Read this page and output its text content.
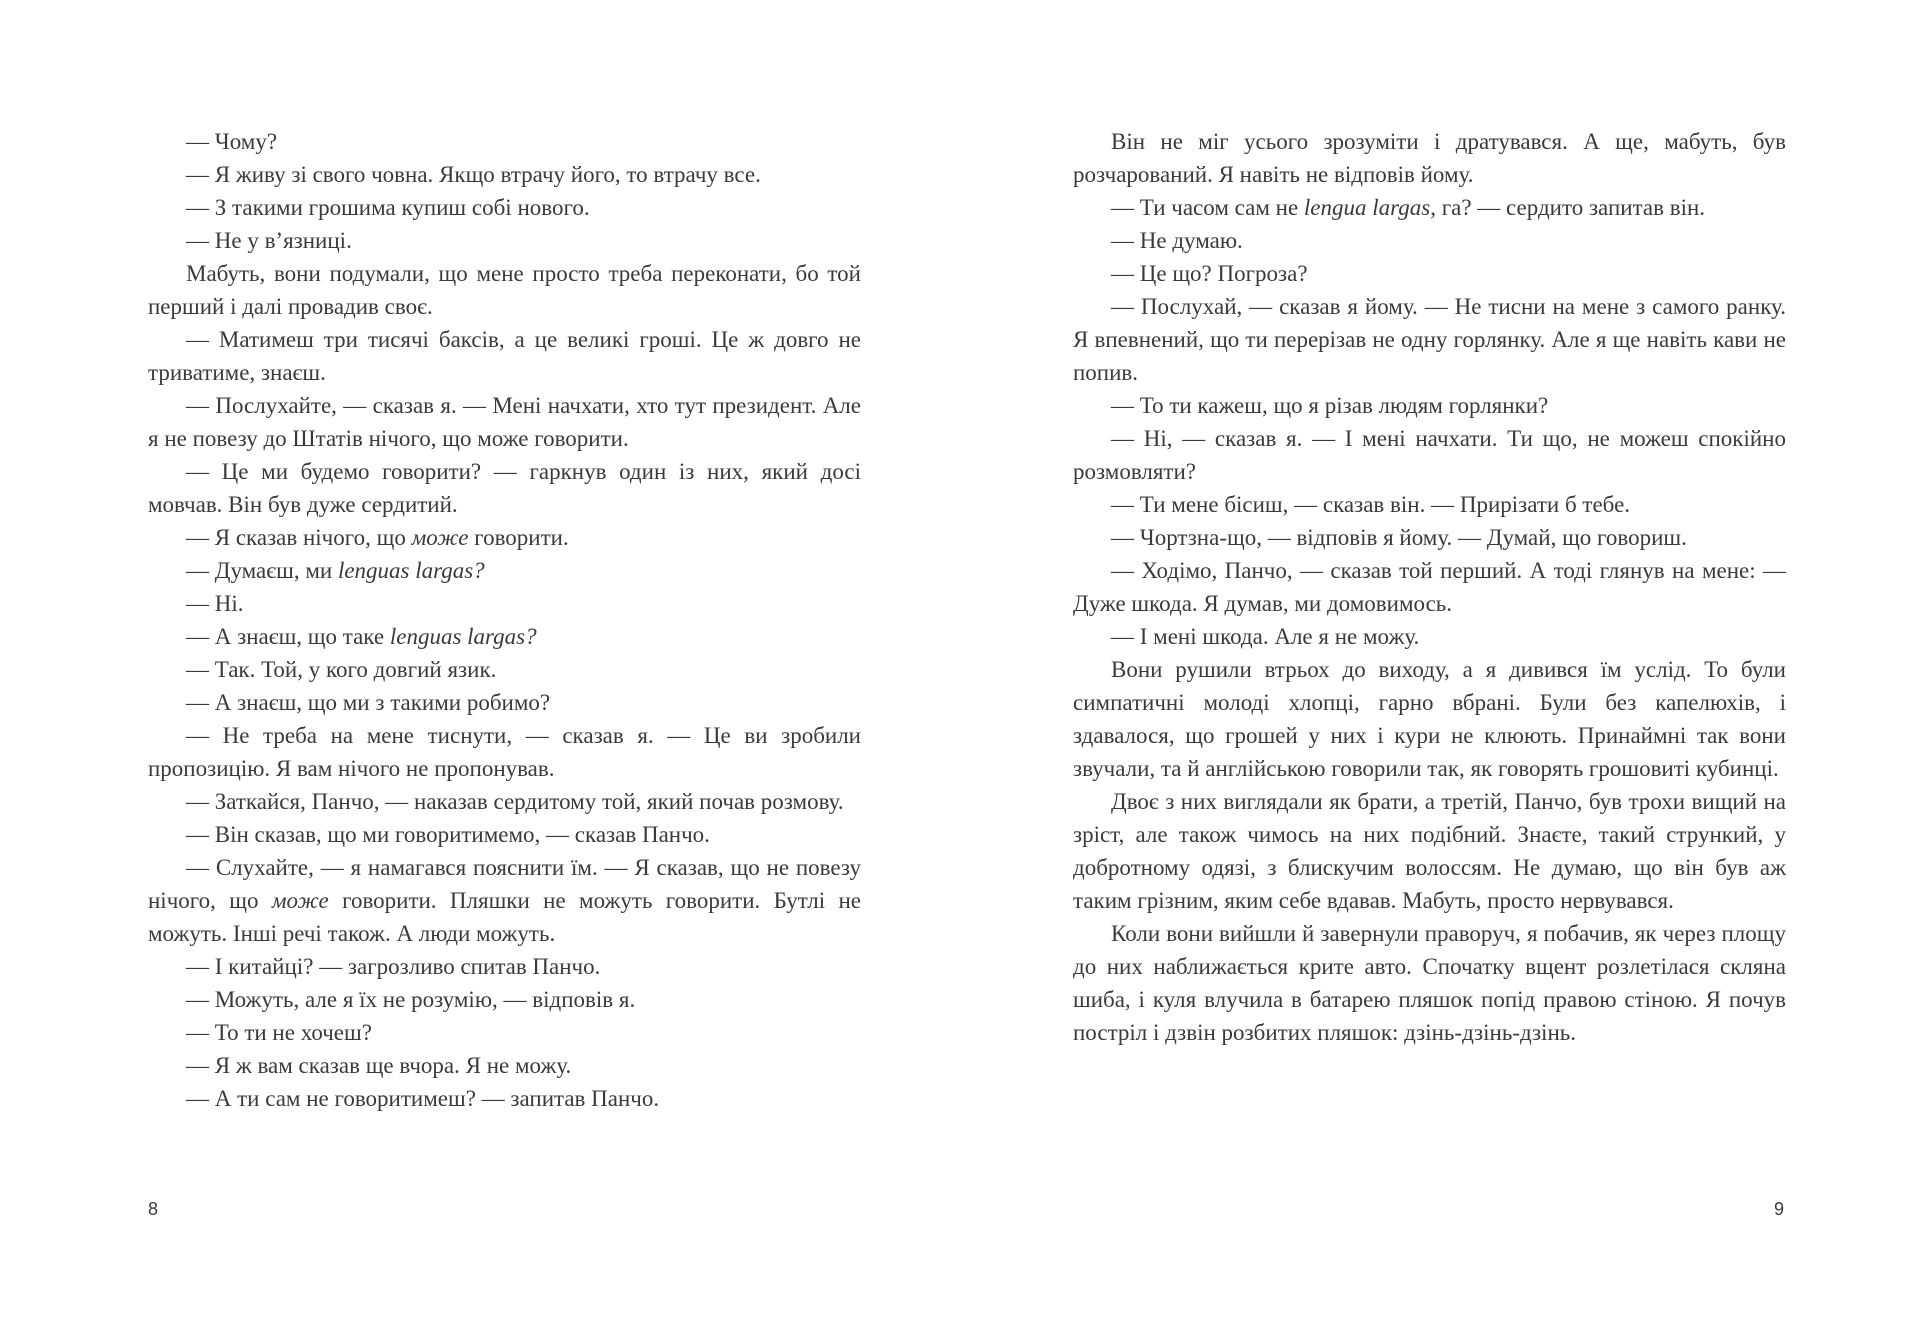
— Чому?

— Я живу зі свого човна. Якщо втрачу його, то втрачу все.

— З такими грошима купиш собі нового.

— Не у в’язниці.

Мабуть, вони подумали, що мене просто треба переконати, бо той перший і далі провадив своє.

— Матимеш три тисячі баксів, а це великі гроші. Це ж довго не триватиме, знаєш.

— Послухайте, — сказав я. — Мені начхати, хто тут президент. Але я не повезу до Штатів нічого, що може говорити.

— Це ми будемо говорити? — гаркнув один із них, який досі мовчав. Він був дуже сердитий.

— Я сказав нічого, що може говорити.

— Думаєш, ми lenguas largas?

— Ні.

— А знаєш, що таке lenguas largas?

— Так. Той, у кого довгий язик.

— А знаєш, що ми з такими робимо?

— Не треба на мене тиснути, — сказав я. — Це ви зробили пропозицію. Я вам нічого не пропонував.

— Заткайся, Панчо, — наказав сердитому той, який почав розмову.

— Він сказав, що ми говоритимемо, — сказав Панчо.

— Слухайте, — я намагався пояснити їм. — Я сказав, що не повезу нічого, що може говорити. Пляшки не можуть говорити. Бутлі не можуть. Інші речі також. А люди можуть.

— І китайці? — загрозливо спитав Панчо.

— Можуть, але я їх не розумію, — відповів я.

— То ти не хочеш?

— Я ж вам сказав ще вчора. Я не можу.

— А ти сам не говоритимеш? — запитав Панчо.

8

Він не міг усього зрозуміти і дратувався. А ще, мабуть, був розчарований. Я навіть не відповів йому.

— Ти часом сам не lengua largas, га? — сердито запитав він.

— Не думаю.

— Це що? Погроза?

— Послухай, — сказав я йому. — Не тисни на мене з самого ранку. Я впевнений, що ти перерізав не одну горлянку. Але я ще навіть кави не попив.

— То ти кажеш, що я різав людям горлянки?

— Ні, — сказав я. — І мені начхати. Ти що, не можеш спокійно розмовляти?

— Ти мене бісиш, — сказав він. — Прирізати б тебе.

— Чортзна-що, — відповів я йому. — Думай, що говориш.

— Ходімо, Панчо, — сказав той перший. А тоді глянув на мене: — Дуже шкода. Я думав, ми домовимось.

— І мені шкода. Але я не можу.

Вони рушили втрьох до виходу, а я дивився їм услід. То були симпатичні молоді хлопці, гарно вбрані. Були без капелюхів, і здавалося, що грошей у них і кури не клюють. Принаймні так вони звучали, та й англійською говорили так, як говорять грошовиті кубинці.

Двоє з них виглядали як брати, а третій, Панчо, був трохи вищий на зріст, але також чимось на них подібний. Знаєте, такий стрункий, у добротному одязі, з блискучим волоссям. Не думаю, що він був аж таким грізним, яким себе вдавав. Мабуть, просто нервувався.

Коли вони вийшли й завернули праворуч, я побачив, як через площу до них наближається крите авто. Спочатку вщент розлетілася скляна шиба, і куля влучила в батарею пляшок попід правою стіною. Я почув постріл і дзвін розбитих пляшок: дзінь-дзінь-дзінь.

9
